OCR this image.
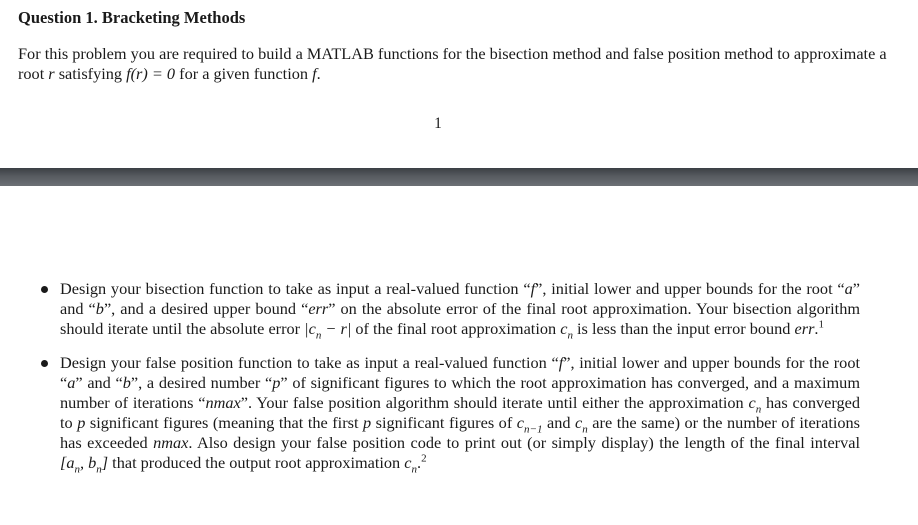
Question 1. Bracketing Methods
For this problem you are required to build a MATLAB functions for the bisection method and false position method to approximate a root r satisfying f(r) = 0 for a given function f.
1
Design your bisection function to take as input a real-valued function “f”, initial lower and upper bounds for the root “a” and “b”, and a desired upper bound “err” on the absolute error of the final root approximation. Your bisection algorithm should iterate until the absolute error $|c_n - r|$ of the final root approximation $c_n$ is less than the input error bound err.$^1$
Design your false position function to take as input a real-valued function “f”, initial lower and upper bounds for the root “a” and “b”, a desired number “p” of significant figures to which the root approximation has converged, and a maximum number of iterations “nmax”. Your false position algorithm should iterate until either the approximation $c_n$ has converged to p significant figures (meaning that the first p significant figures of $c_{n-1}$ and $c_n$ are the same) or the number of iterations has exceeded nmax. Also design your false position code to print out (or simply display) the length of the final interval [$a_n$, $b_n$] that produced the output root approximation $c_n.^2$
